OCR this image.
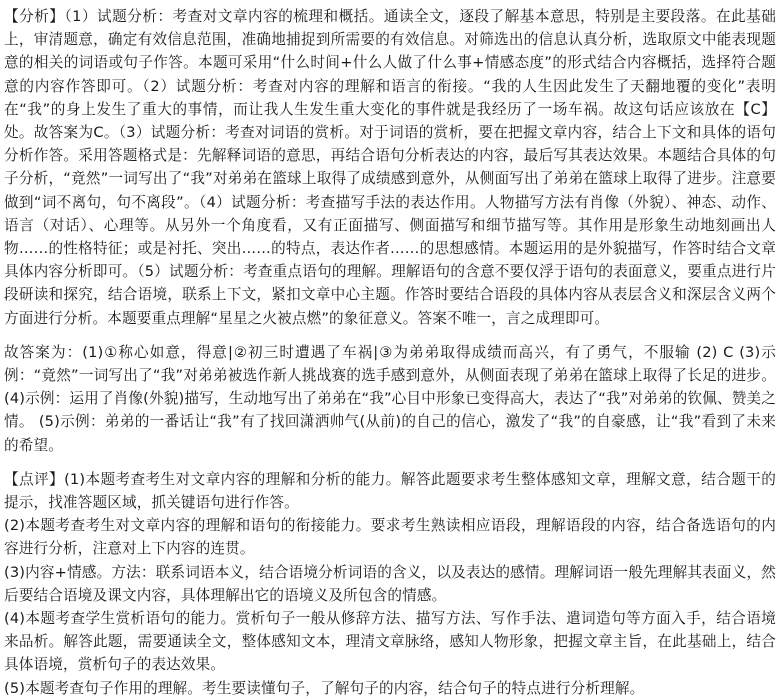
【分析】（1）试题分析：考查对文章内容的梳理和概括。通读全文，逐段了解基本意思，特别是主要段落。在此基础上，审清题意，确定有效信息范围，准确地捕捉到所需要的有效信息。对筛选出的信息认真分析，选取原文中能表现题意的相关的词语或句子作答。本题可采用“什么时间+什么人做了什么事+情感态度”的形式结合内容概括，选择符合题意的内容作答即可。（2）试题分析：考查对内容的理解和语言的衔接。“我的人生因此发生了天翻地覆的变化”表明在“我”的身上发生了重大的事情，而让我人生发生重大变化的事件就是我经历了一场车祸。故这句话应该放在【C】处。故答案为C。（3）试题分析：考查对词语的赏析。对于词语的赏析，要在把握文章内容，结合上下文和具体的语句分析作答。采用答题格式是：先解释词语的意思，再结合语句分析表达的内容，最后写其表达效果。本题结合具体的句子分析，“竟然”一词写出了“我”对弟弟在篮球上取得了成绩感到意外，从侧面写出了弟弟在篮球上取得了进步。注意要做到“词不离句，句不离段”。（4）试题分析：考查描写手法的表达作用。人物描写方法有肖像（外貌）、神态、动作、语言（对话）、心理等。从另外一个角度看，又有正面描写、侧面描写和细节描写等。其作用是形象生动地刻画出人物……的性格特征；或是衬托、突出……的特点，表达作者……的思想感情。本题运用的是外貌描写，作答时结合文章具体内容分析即可。（5）试题分析：考查重点语句的理解。理解语句的含意不要仅浮于语句的表面意义，要重点进行片段研读和探究，结合语境，联系上下文，紧扣文章中心主题。作答时要结合语段的具体内容从表层含义和深层含义两个方面进行分析。本题要重点理解“星星之火被点燃”的象征意义。答案不唯一，言之成理即可。

故答案为：(1)①称心如意，得意|②初三时遭遇了车祸|③为弟弟取得成绩而高兴，有了勇气，不服输 (2) C (3)示例：“竟然”一词写出了“我”对弟弟被选作新人挑战赛的选手感到意外，从侧面表现了弟弟在篮球上取得了长足的进步。(4)示例：运用了肖像(外貌)描写，生动地写出了弟弟在“我”心目中形象已变得高大，表达了“我”对弟弟的钦佩、赞美之情。 (5)示例：弟弟的一番话让“我”有了找回潇洒帅气(从前)的自己的信心，激发了“我”的自豪感，让“我”看到了未来的希望。

【点评】(1)本题考查考生对文章内容的理解和分析的能力。解答此题要求考生整体感知文章，理解文意，结合题干的提示，找准答题区域，抓关键语句进行作答。

(2)本题考查考生对文章内容的理解和语句的衔接能力。要求考生熟读相应语段，理解语段的内容，结合备选语句的内容进行分析，注意对上下内容的连贯。

(3)内容+情感。方法：联系词语本义，结合语境分析词语的含义，以及表达的感情。理解词语一般先理解其表面义，然后要结合语境及课文内容，具体理解出它的语境义及所包含的情感。

(4)本题考查学生赏析语句的能力。赏析句子一般从修辞方法、描写方法、写作手法、遣词造句等方面入手，结合语境来品析。解答此题，需要通读全文，整体感知文本，理清文章脉络，感知人物形象，把握文章主旨，在此基础上，结合具体语境，赏析句子的表达效果。

(5)本题考查句子作用的理解。考生要读懂句子，了解句子的内容，结合句子的特点进行分析理解。
